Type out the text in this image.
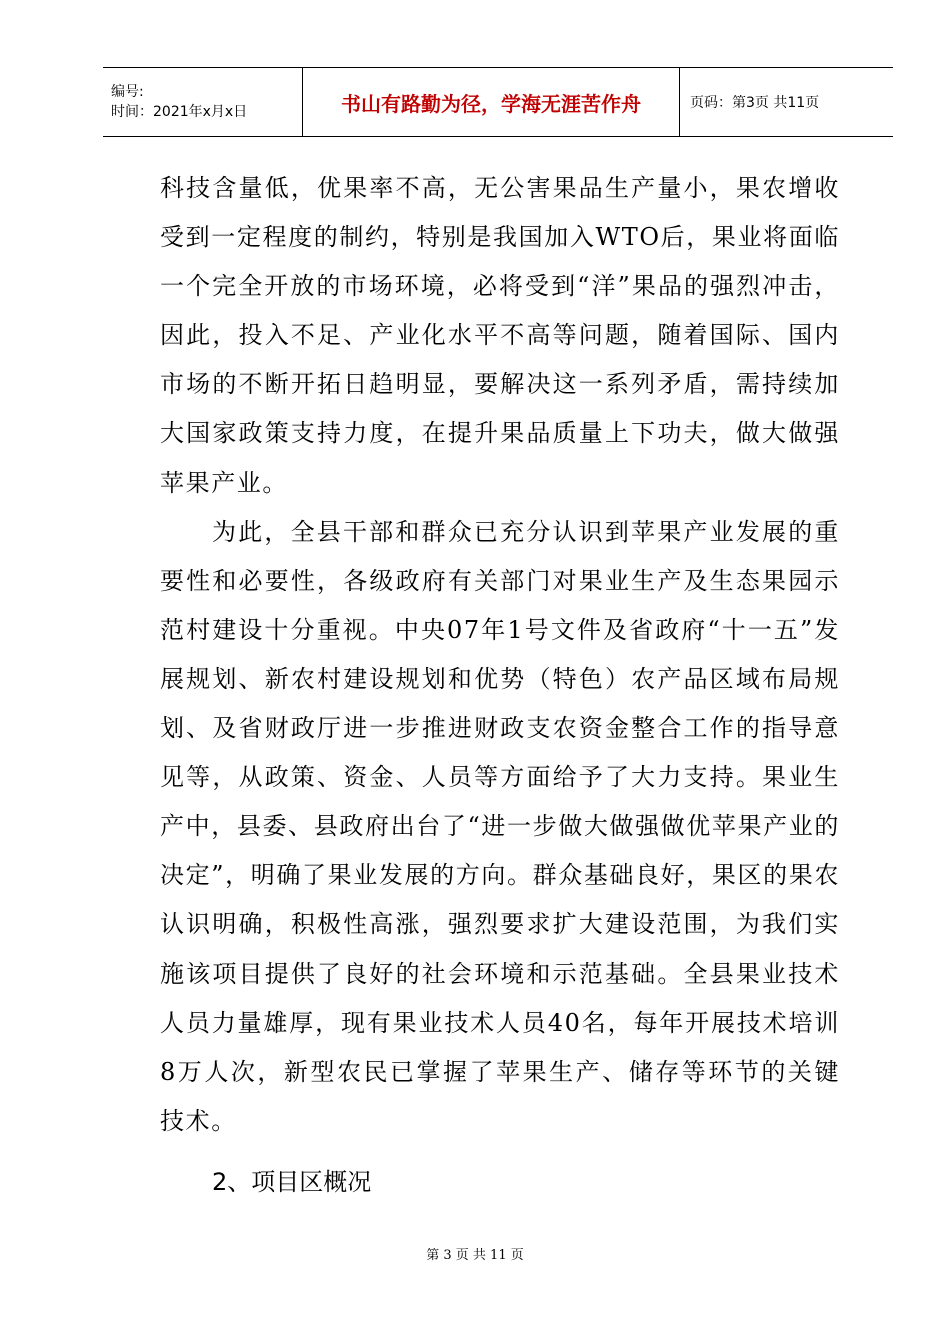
编号:
时间：2021年x月x日	书山有路勤为径，学海无涯苦作舟	页码：第3页 共11页

科技含量低，优果率不高，无公害果品生产量小，果农增收受到一定程度的制约，特别是我国加入WTO后，果业将面临一个完全开放的市场环境，必将受到“洋”果品的强烈冲击，因此，投入不足、产业化水平不高等问题，随着国际、国内市场的不断开拓日趋明显，要解决这一系列矛盾，需持续加大国家政策支持力度，在提升果品质量上下功夫，做大做强苹果产业。

为此，全县干部和群众已充分认识到苹果产业发展的重要性和必要性，各级政府有关部门对果业生产及生态果园示范村建设十分重视。中央07年1号文件及省政府“十一五”发展规划、新农村建设规划和优势（特色）农产品区域布局规划、及省财政厅进一步推进财政支农资金整合工作的指导意见等，从政策、资金、人员等方面给予了大力支持。果业生产中，县委、县政府出台了“进一步做大做强做优苹果产业的决定”，明确了果业发展的方向。群众基础良好，果区的果农认识明确，积极性高涨，强烈要求扩大建设范围，为我们实施该项目提供了良好的社会环境和示范基础。全县果业技术人员力量雄厚，现有果业技术人员40名，每年开展技术培训8万人次，新型农民已掌握了苹果生产、储存等环节的关键技术。

2、项目区概况
第 3 页 共 11 页
